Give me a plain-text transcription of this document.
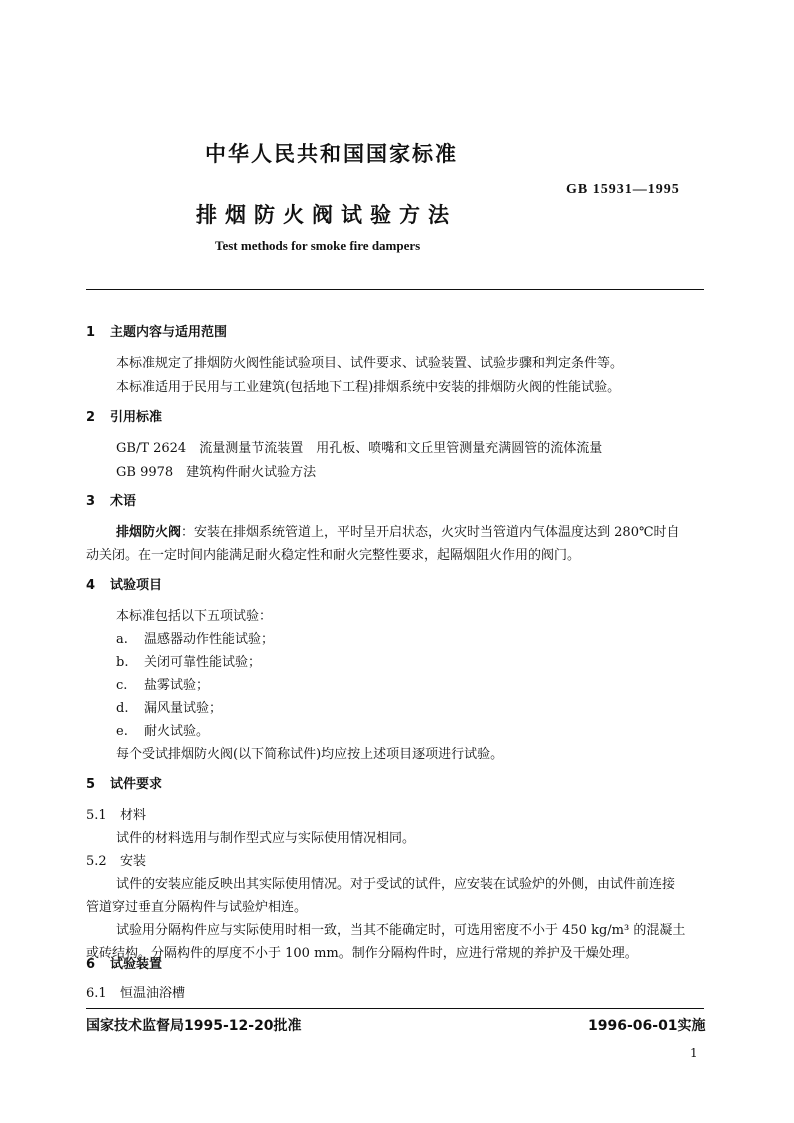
中华人民共和国国家标准
GB 15931—1995
排烟防火阀试验方法
Test methods for smoke fire dampers
1 主题内容与适用范围
本标准规定了排烟防火阀性能试验项目、试件要求、试验装置、试验步骤和判定条件等。
本标准适用于民用与工业建筑(包括地下工程)排烟系统中安装的排烟防火阀的性能试验。
2 引用标准
GB/T 2624　流量测量节流装置　用孔板、喷嘴和文丘里管测量充满圆管的流体流量
GB 9978　建筑构件耐火试验方法
3 术语
排烟防火阀：安装在排烟系统管道上，平时呈开启状态，火灾时当管道内气体温度达到 280℃时自
动关闭。在一定时间内能满足耐火稳定性和耐火完整性要求，起隔烟阻火作用的阀门。
4 试验项目
本标准包括以下五项试验：
a. 温感器动作性能试验；
b. 关闭可靠性能试验；
c. 盐雾试验；
d. 漏风量试验；
e. 耐火试验。
每个受试排烟防火阀(以下简称试件)均应按上述项目逐项进行试验。
5 试件要求
5.1 材料
试件的材料选用与制作型式应与实际使用情况相同。
5.2 安装
试件的安装应能反映出其实际使用情况。对于受试的试件，应安装在试验炉的外侧，由试件前连接
管道穿过垂直分隔构件与试验炉相连。
试验用分隔构件应与实际使用时相一致，当其不能确定时，可选用密度不小于 450 kg/m³ 的混凝土
或砖结构。分隔构件的厚度不小于 100 mm。制作分隔构件时，应进行常规的养护及干燥处理。
6 试验装置
6.1 恒温油浴槽
国家技术监督局1995-12-20批准	1996-06-01实施
1
